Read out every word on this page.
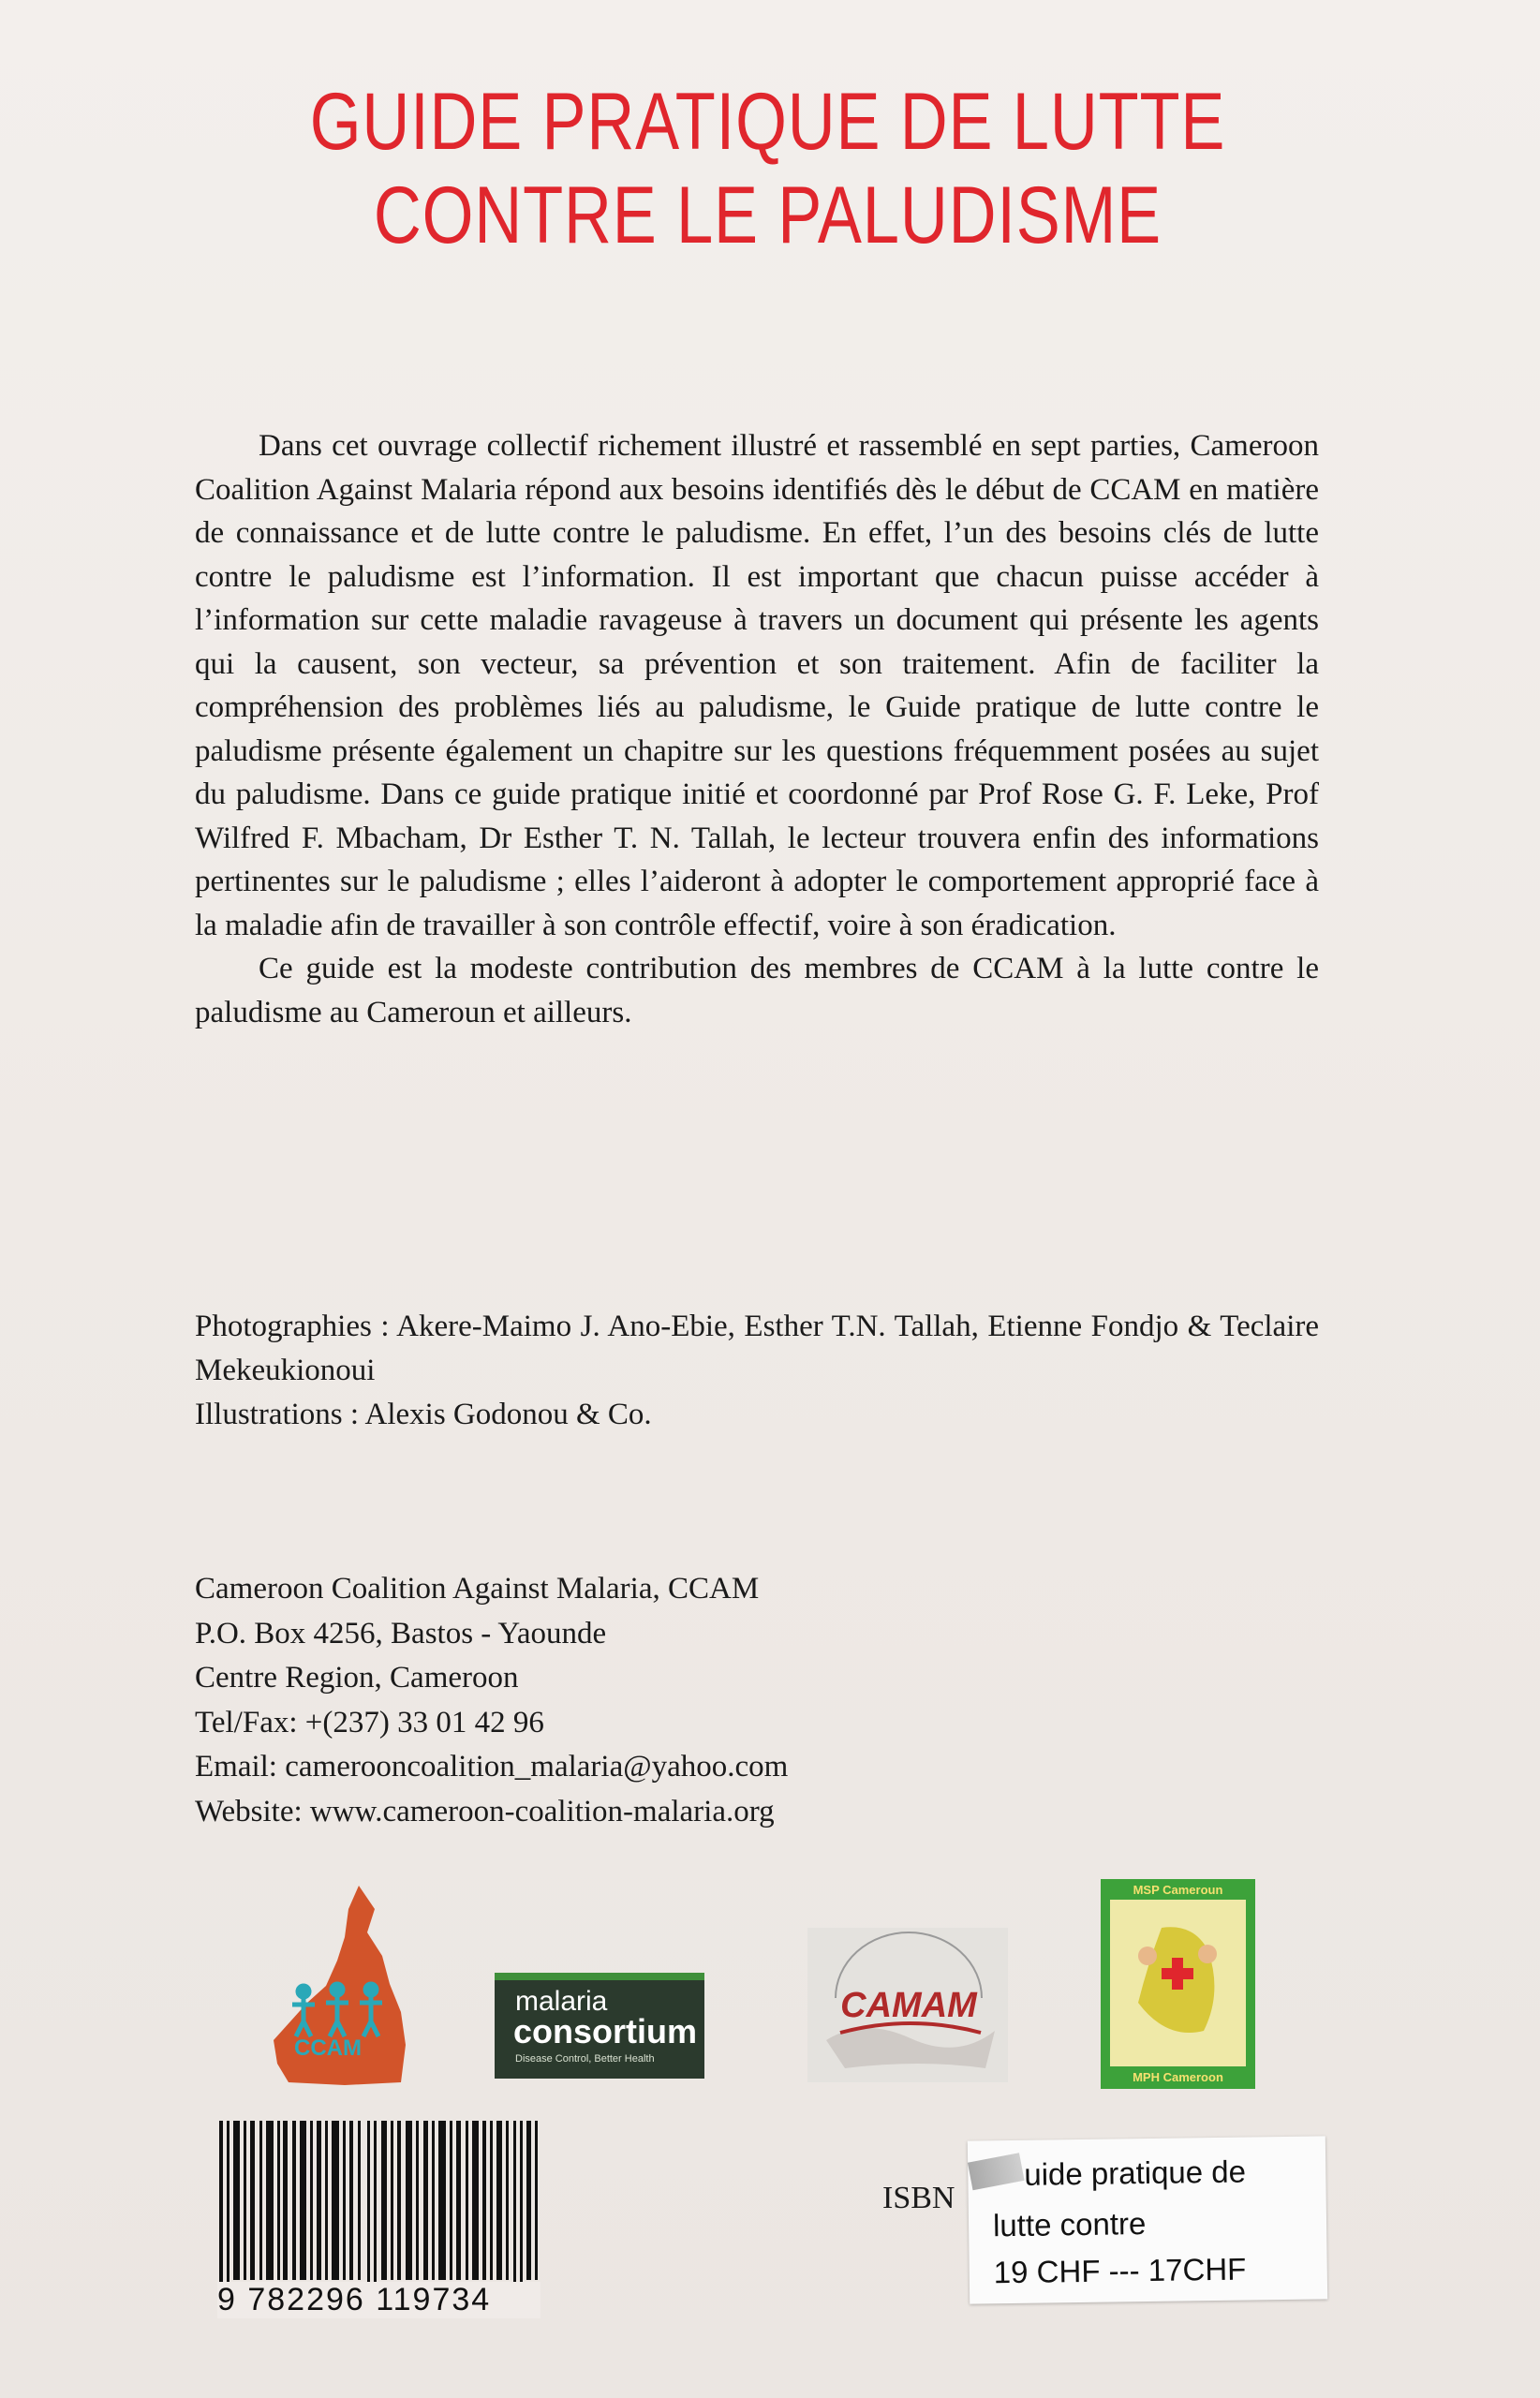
GUIDE PRATIQUE DE LUTTE
CONTRE LE PALUDISME

Dans cet ouvrage collectif richement illustré et rassemblé en sept parties, Cameroon Coalition Against Malaria répond aux besoins identifiés dès le début de CCAM en matière de connaissance et de lutte contre le paludisme. En effet, l’un des besoins clés de lutte contre le paludisme est l’information. Il est important que chacun puisse accéder à l’information sur cette maladie ravageuse à travers un document qui présente les agents qui la causent, son vecteur, sa prévention et son traitement. Afin de faciliter la compréhension des problèmes liés au paludisme, le Guide pratique de lutte contre le paludisme présente également un chapitre sur les questions fréquemment posées au sujet du paludisme. Dans ce guide pratique initié et coordonné par Prof Rose G. F. Leke, Prof Wilfred F. Mbacham, Dr Esther T. N. Tallah, le lecteur trouvera enfin des informations pertinentes sur le paludisme ; elles l’aideront à adopter le comportement approprié face à la maladie afin de travailler à son contrôle effectif, voire à son éradication.

Ce guide est la modeste contribution des membres de CCAM à la lutte contre le paludisme au Cameroun et ailleurs.

Photographies : Akere-Maimo J. Ano-Ebie, Esther T.N. Tallah, Etienne Fondjo & Teclaire Mekeukionoui

Illustrations : Alexis Godonou & Co.

Cameroon Coalition Against Malaria, CCAM
P.O. Box 4256, Bastos - Yaounde
Centre Region, Cameroon
Tel/Fax: +(237) 33 01 42 96
Email: cameroon​coalition_malaria@yahoo.com
Website: www.cameroon-coalition-malaria.org
CCAM
malaria
consortium
Disease Control, Better Health
CAMAM
MSP Cameroun
MPH Cameroon
9 782296 119734
ISBN
uide pratique de
lutte contre
19 CHF --- 17CHF
